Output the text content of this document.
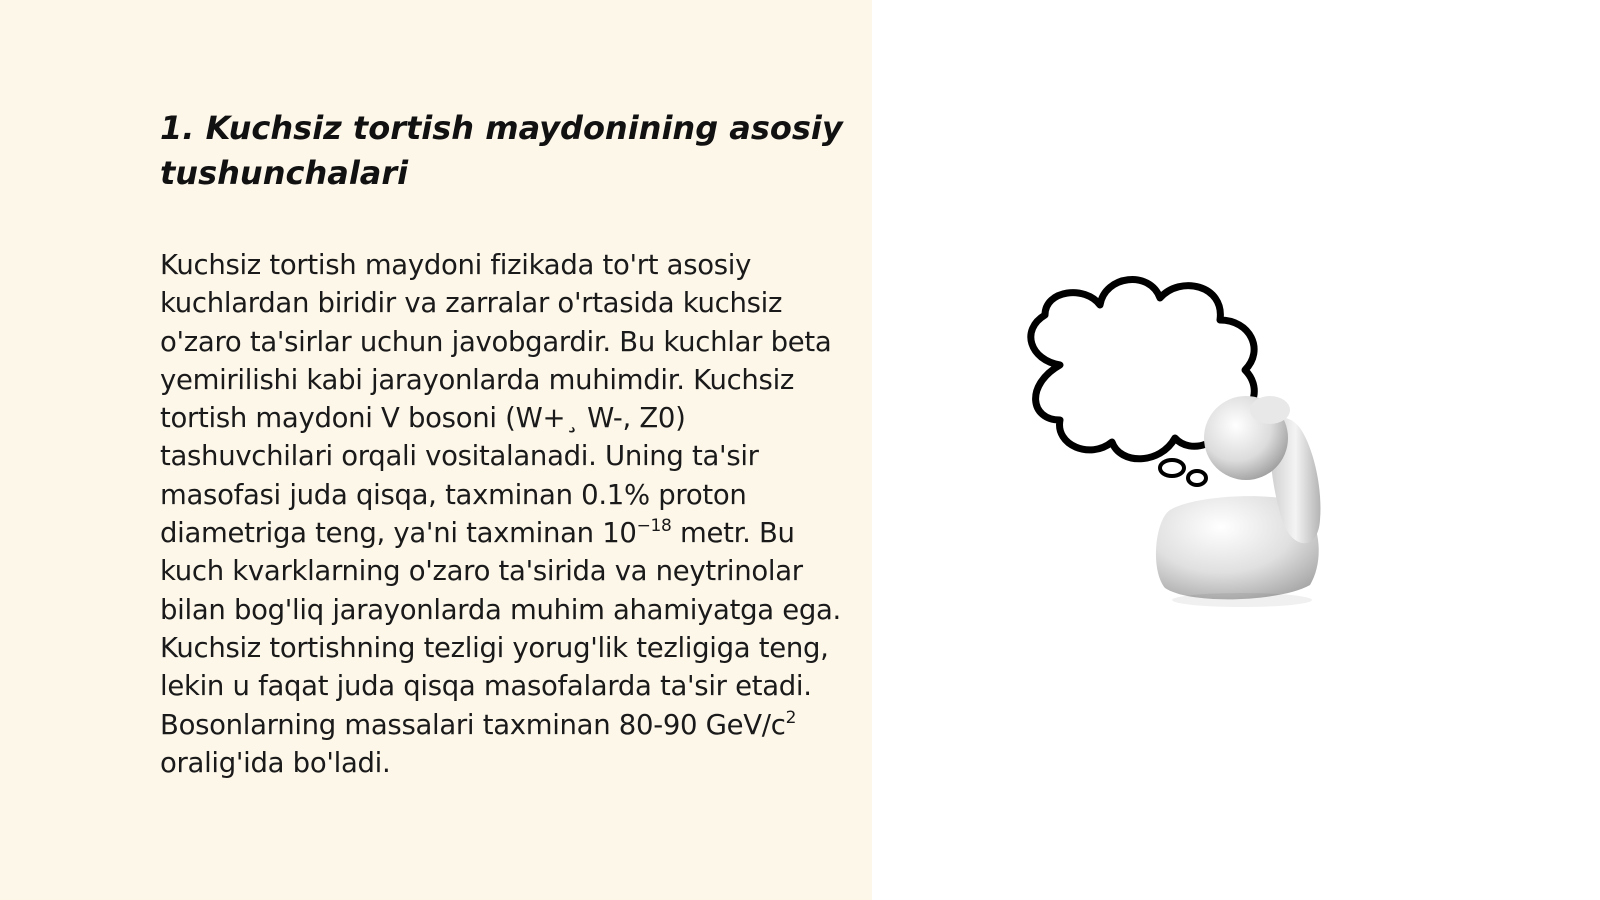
1. Kuchsiz tortish maydonining asosiy tushunchalari

Kuchsiz tortish maydoni fizikada to'rt asosiy kuchlardan biridir va zarralar o'rtasida kuchsiz o'zaro ta'sirlar uchun javobgardir. Bu kuchlar beta yemirilishi kabi jarayonlarda muhimdir. Kuchsiz tortish maydoni V bosoni (W+¸ W-, Z0) tashuvchilari orqali vositalanadi. Uning ta'sir masofasi juda qisqa, taxminan 0.1% proton diametriga teng, ya'ni taxminan $10^{-18}$ metr. Bu kuch kvarklarning o'zaro ta'sirida va neytrinolar bilan bog'liq jarayonlarda muhim ahamiyatga ega. Kuchsiz tortishning tezligi yorug'lik tezligiga teng, lekin u faqat juda qisqa masofalarda ta'sir etadi. Bosonlarning massalari taxminan 80-90 GeV/$c^2$ oralig'ida bo'ladi.
